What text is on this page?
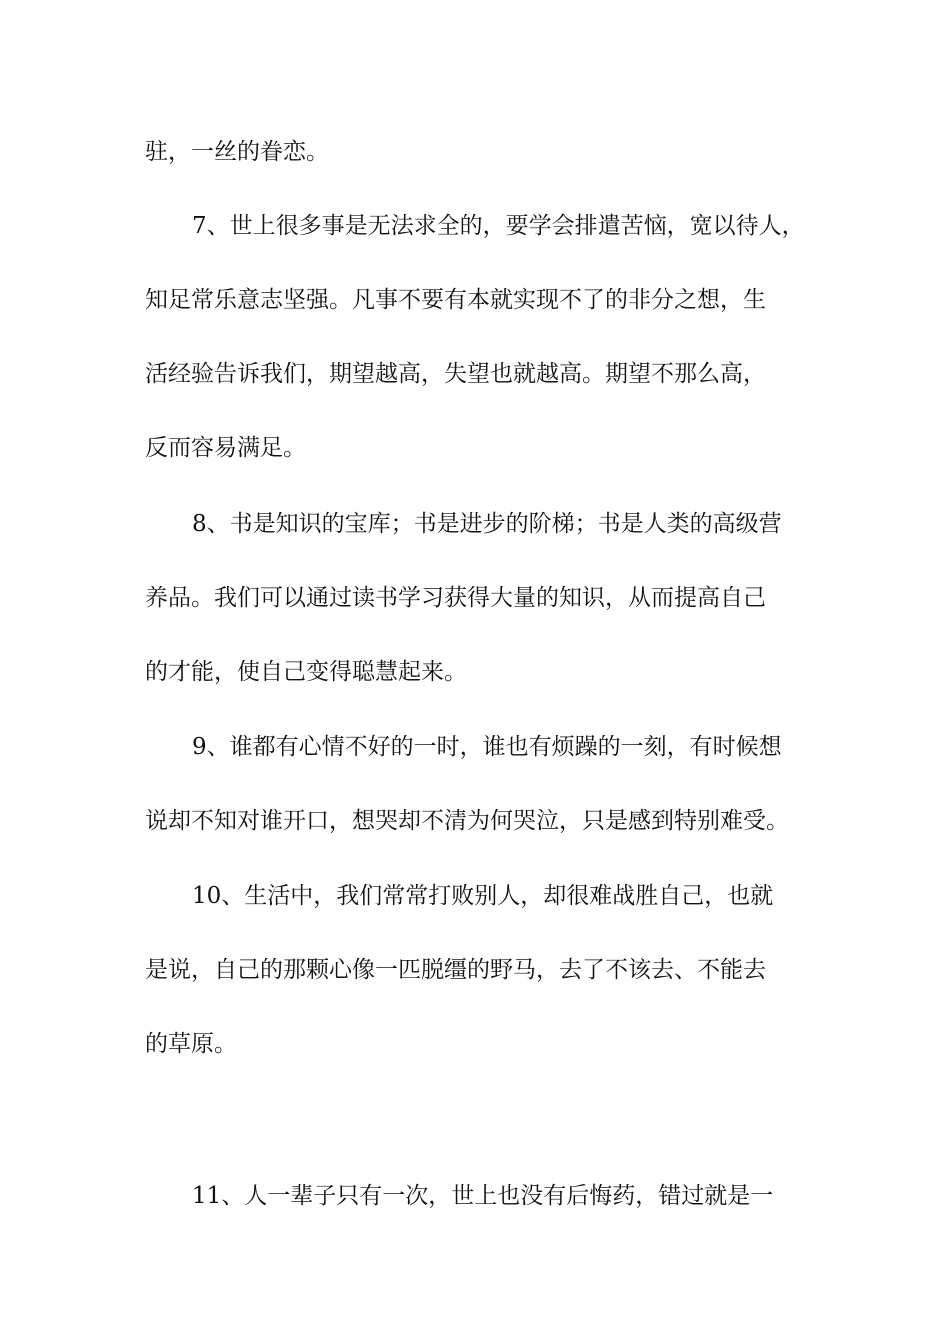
驻，一丝的眷恋。

7、世上很多事是无法求全的，要学会排遣苦恼，宽以待人，

知足常乐意志坚强。凡事不要有本就实现不了的非分之想，生

活经验告诉我们，期望越高，失望也就越高。期望不那么高，

反而容易满足。

8、书是知识的宝库；书是进步的阶梯；书是人类的高级营

养品。我们可以通过读书学习获得大量的知识，从而提高自己

的才能，使自己变得聪慧起来。

9、谁都有心情不好的一时，谁也有烦躁的一刻，有时候想

说却不知对谁开口，想哭却不清为何哭泣，只是感到特别难受。

10、生活中，我们常常打败别人，却很难战胜自己，也就

是说，自己的那颗心像一匹脱缰的野马，去了不该去、不能去

的草原。

11、人一辈子只有一次，世上也没有后悔药，错过就是一
